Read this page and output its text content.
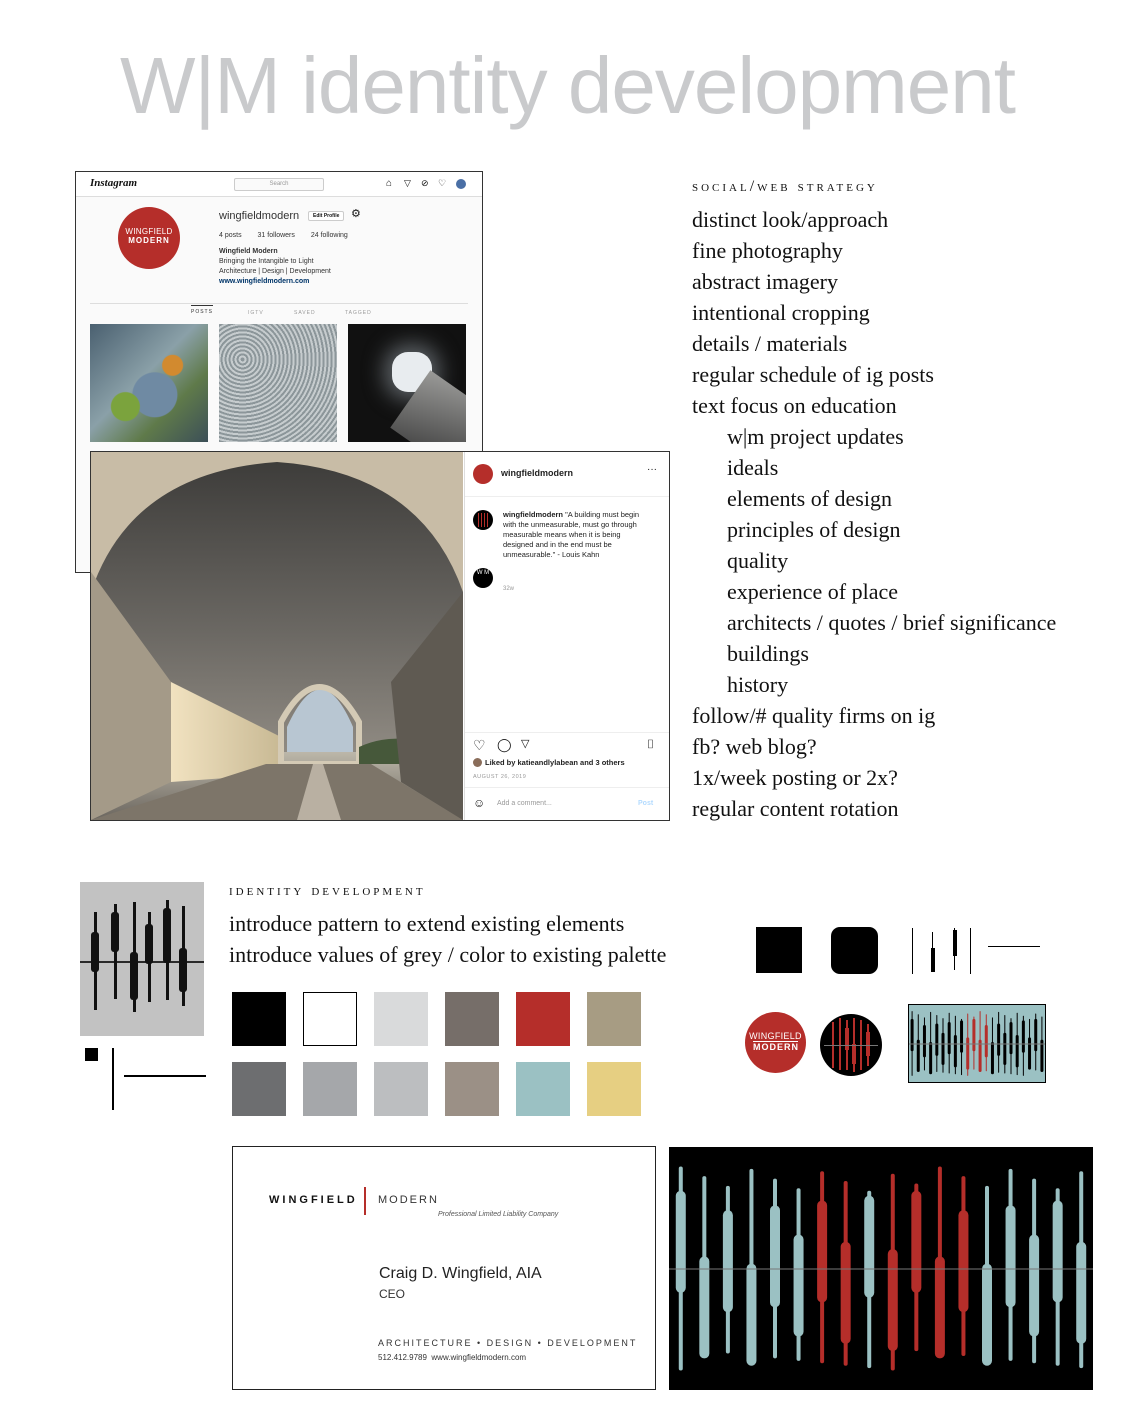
W|M identity development
Instagram	Search	⌂ ▽ ⊘ ♡
WINGFIELD
MODERN
wingfieldmodern	Edit Profile	⚙
4 posts 31 followers 24 following
Wingfield Modern
Bringing the Intangible to Light
Architecture | Design | Development
www.wingfieldmodern.com
POSTS	IGTV	SAVED	TAGGED
wingfieldmodern	···
wingfieldmodern "A building must begin with the unmeasurable, must go through measurable means when it is being designed and in the end must be unmeasurable." - Louis Kahn
W M
32w
♡ ◯ ▽	⌷
Liked by katieandlylabean and 3 others
AUGUST 26, 2019
☺ Add a comment...	Post
social/web strategy
distinct look/approach
fine photography
abstract imagery
intentional cropping
details / materials
regular schedule of ig posts
text focus on education
w|m project updates
ideals
elements of design
principles of design
quality
experience of place
architects / quotes / brief significance
buildings
history
follow/# quality firms on ig
fb? web blog?
1x/week posting or 2x?
regular content rotation
identity development
introduce pattern to extend existing elements
introduce values of grey / color to existing palette
WINGFIELD
MODERN
WINGFIELD MODERN
Professional Limited Liability Company
Craig D. Wingfield, AIA
CEO
ARCHITECTURE • DESIGN • DEVELOPMENT
512.412.9789  www.wingfieldmodern.com
